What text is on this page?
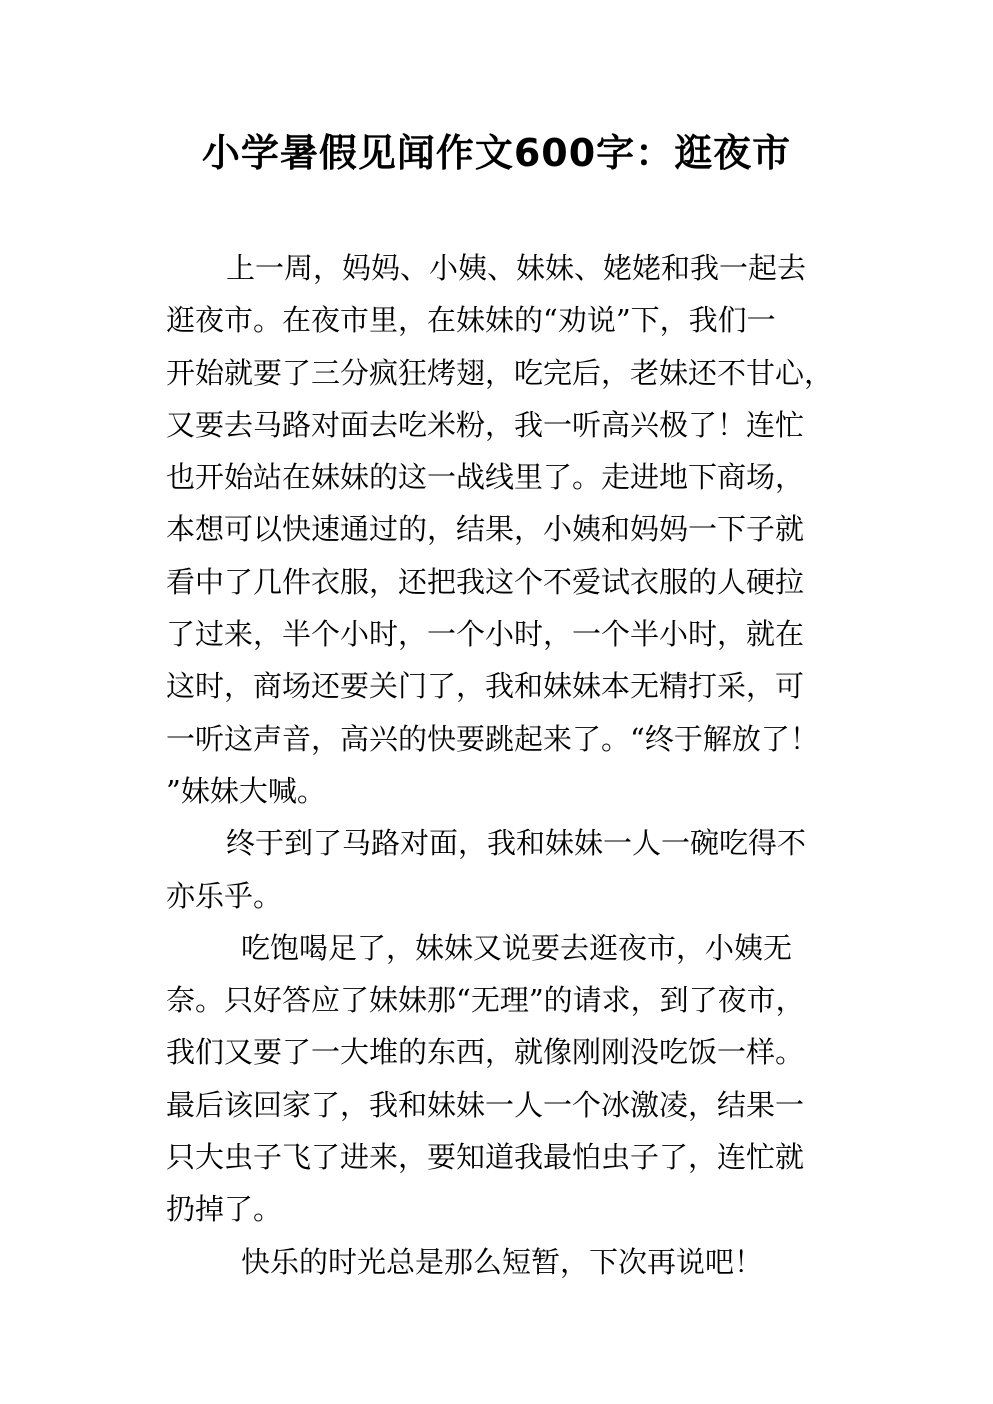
小学暑假见闻作文600字：逛夜市
上一周，妈妈、小姨、妹妹、姥姥和我一起去
逛夜市。在夜市里，在妹妹的“劝说”下，我们一
开始就要了三分疯狂烤翅，吃完后，老妹还不甘心，
又要去马路对面去吃米粉，我一听高兴极了！连忙
也开始站在妹妹的这一战线里了。走进地下商场，
本想可以快速通过的，结果，小姨和妈妈一下子就
看中了几件衣服，还把我这个不爱试衣服的人硬拉
了过来，半个小时，一个小时，一个半小时，就在
这时，商场还要关门了，我和妹妹本无精打采，可
一听这声音，高兴的快要跳起来了。“终于解放了！
”妹妹大喊。
终于到了马路对面，我和妹妹一人一碗吃得不
亦乐乎。
吃饱喝足了，妹妹又说要去逛夜市，小姨无
奈。只好答应了妹妹那“无理”的请求，到了夜市，
我们又要了一大堆的东西，就像刚刚没吃饭一样。
最后该回家了，我和妹妹一人一个冰激凌，结果一
只大虫子飞了进来，要知道我最怕虫子了，连忙就
扔掉了。
快乐的时光总是那么短暂，下次再说吧！
